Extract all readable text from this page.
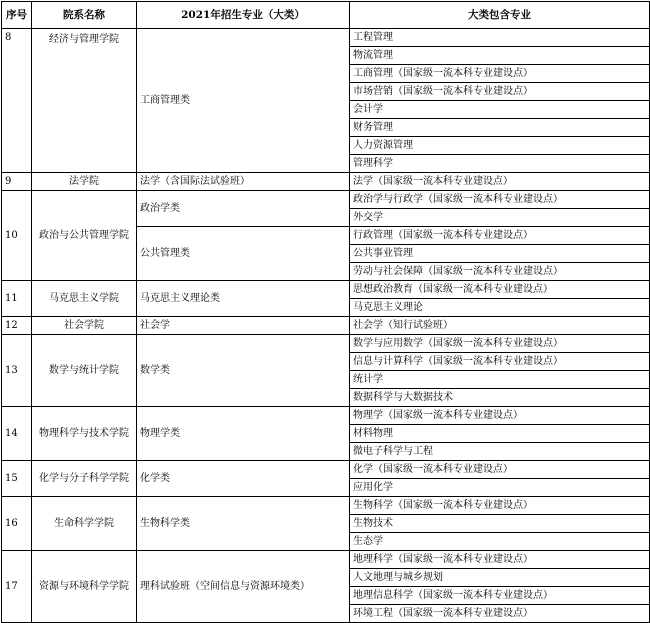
序号	院系名称	2021年招生专业（大类）	大类包含专业
8	经济与管理学院	工商管理类	工程管理
			物流管理
			工商管理（国家级一流本科专业建设点）
			市场营销（国家级一流本科专业建设点）
			会计学
			财务管理
			人力资源管理
			管理科学
9	法学院	法学（含国际法试验班）	法学（国家级一流本科专业建设点）
10	政治与公共管理学院	政治学类	政治学与行政学（国家级一流本科专业建设点）
			外交学
		公共管理类	行政管理（国家级一流本科专业建设点）
			公共事业管理
			劳动与社会保障（国家级一流本科专业建设点）
11	马克思主义学院	马克思主义理论类	思想政治教育（国家级一流本科专业建设点）
			马克思主义理论
12	社会学院	社会学	社会学（知行试验班）
13	数学与统计学院	数学类	数学与应用数学（国家级一流本科专业建设点）
			信息与计算科学（国家级一流本科专业建设点）
			统计学
			数据科学与大数据技术
14	物理科学与技术学院	物理学类	物理学（国家级一流本科专业建设点）
			材料物理
			微电子科学与工程
15	化学与分子科学学院	化学类	化学（国家级一流本科专业建设点）
			应用化学
16	生命科学学院	生物科学类	生物科学（国家级一流本科专业建设点）
			生物技术
			生态学
17	资源与环境科学学院	理科试验班（空间信息与资源环境类）	地理科学（国家级一流本科专业建设点）
			人文地理与城乡规划
			地理信息科学（国家级一流本科专业建设点）
			环境工程（国家级一流本科专业建设点）
